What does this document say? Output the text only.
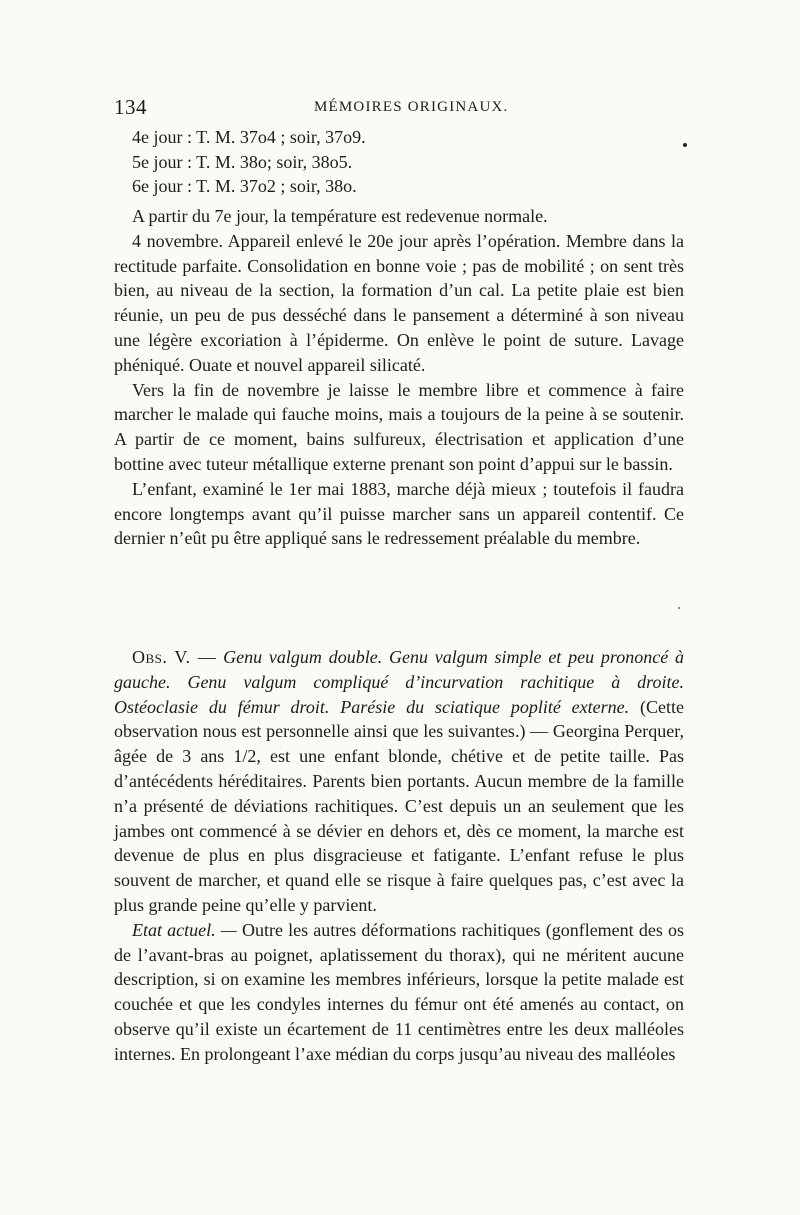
134	MÉMOIRES ORIGINAUX.

4e jour : T. M. 37o4 ; soir, 37o9.

5e jour : T. M. 38o; soir, 38o5.

6e jour : T. M. 37o2 ; soir, 38o.

A partir du 7e jour, la température est redevenue normale.

4 novembre. Appareil enlevé le 20e jour après l’opération. Membre dans la rectitude parfaite. Consolidation en bonne voie ; pas de mobilité ; on sent très bien, au niveau de la section, la formation d’un cal. La petite plaie est bien réunie, un peu de pus desséché dans le pansement a déterminé à son niveau une légère excoriation à l’épiderme. On enlève le point de suture. Lavage phéniqué. Ouate et nouvel appareil silicaté.

Vers la fin de novembre je laisse le membre libre et commence à faire marcher le malade qui fauche moins, mais a toujours de la peine à se soutenir. A partir de ce moment, bains sulfureux, électrisation et application d’une bottine avec tuteur métallique externe prenant son point d’appui sur le bassin.

L’enfant, examiné le 1er mai 1883, marche déjà mieux ; toutefois il faudra encore longtemps avant qu’il puisse marcher sans un appareil contentif. Ce dernier n’eût pu être appliqué sans le redressement préalable du membre.

Obs. V. — Genu valgum double. Genu valgum simple et peu prononcé à gauche. Genu valgum compliqué d’incurvation rachitique à droite. Ostéoclasie du fémur droit. Parésie du sciatique poplité externe. (Cette observation nous est personnelle ainsi que les suivantes.) — Georgina Perquer, âgée de 3 ans 1/2, est une enfant blonde, chétive et de petite taille. Pas d’antécédents héréditaires. Parents bien portants. Aucun membre de la famille n’a présenté de déviations rachitiques. C’est depuis un an seulement que les jambes ont commencé à se dévier en dehors et, dès ce moment, la marche est devenue de plus en plus disgracieuse et fatigante. L’enfant refuse le plus souvent de marcher, et quand elle se risque à faire quelques pas, c’est avec la plus grande peine qu’elle y parvient.

Etat actuel. — Outre les autres déformations rachitiques (gonflement des os de l’avant-bras au poignet, aplatissement du thorax), qui ne méritent aucune description, si on examine les membres inférieurs, lorsque la petite malade est couchée et que les condyles internes du fémur ont été amenés au contact, on observe qu’il existe un écartement de 11 centimètres entre les deux malléoles internes. En prolongeant l’axe médian du corps jusqu’au niveau des malléoles
